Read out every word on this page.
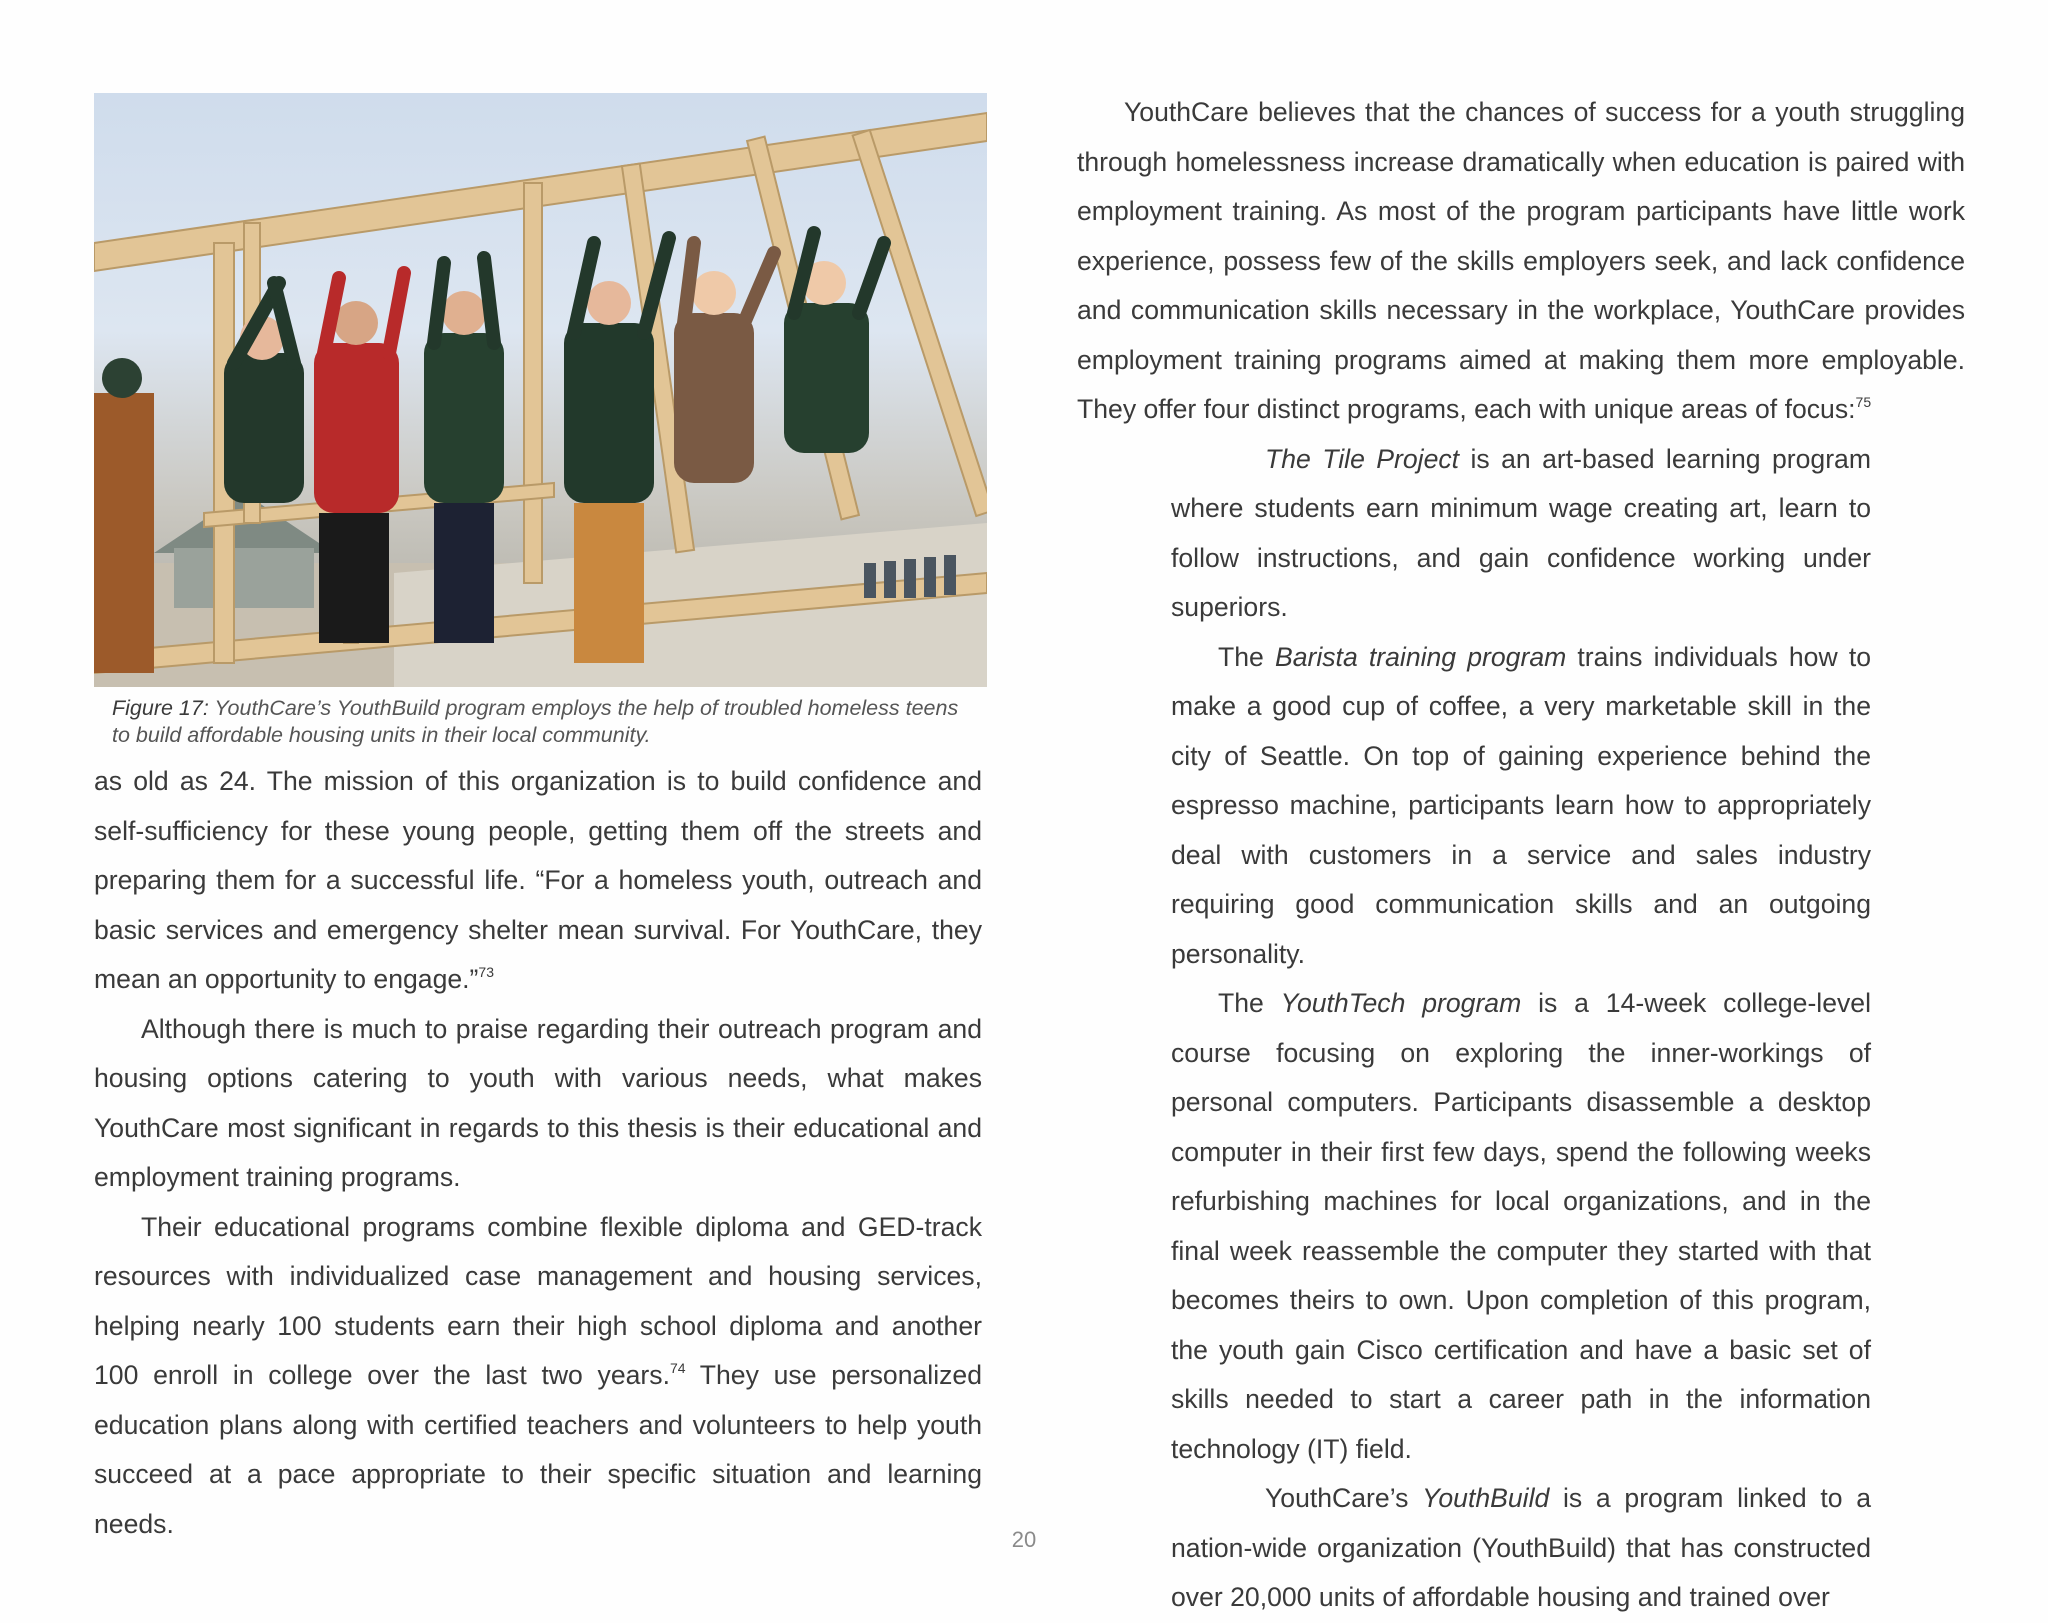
Figure 17: YouthCare’s YouthBuild program employs the help of troubled homeless teens to build affordable housing units in their local community.

as old as 24. The mission of this organization is to build confidence and self-sufficiency for these young people, getting them off the streets and preparing them for a successful life. “For a homeless youth, outreach and basic services and emergency shelter mean survival. For YouthCare, they mean an opportunity to engage.”$^{73}$

Although there is much to praise regarding their outreach program and housing options catering to youth with various needs, what makes YouthCare most significant in regards to this thesis is their educational and employment training programs.

Their educational programs combine flexible diploma and GED-track resources with individualized case management and housing services, helping nearly 100 students earn their high school diploma and another 100 enroll in college over the last two years.$^{74}$ They use personalized education plans along with certified teachers and volunteers to help youth succeed at a pace appropriate to their specific situation and learning needs.

YouthCare believes that the chances of success for a youth struggling through homelessness increase dramatically when education is paired with employment training. As most of the program participants have little work experience, possess few of the skills employers seek, and lack confidence and communication skills necessary in the workplace, YouthCare provides employment training programs aimed at making them more employable. They offer four distinct programs, each with unique areas of focus:$^{75}$

The Tile Project is an art-based learning program where students earn minimum wage creating art, learn to follow instructions, and gain confidence working under superiors.

The Barista training program trains individuals how to make a good cup of coffee, a very marketable skill in the city of Seattle. On top of gaining experience behind the espresso machine, participants learn how to appropriately deal with customers in a service and sales industry requiring good communication skills and an outgoing personality.

The YouthTech program is a 14-week college-level course focusing on exploring the inner-workings of personal computers. Participants disassemble a desktop computer in their first few days, spend the following weeks refurbishing machines for local organizations, and in the final week reassemble the computer they started with that becomes theirs to own. Upon completion of this program, the youth gain Cisco certification and have a basic set of skills needed to start a career path in the information technology (IT) field.

YouthCare’s YouthBuild is a program linked to a nation-wide organization (YouthBuild) that has constructed over 20,000 units of affordable housing and trained over

20
